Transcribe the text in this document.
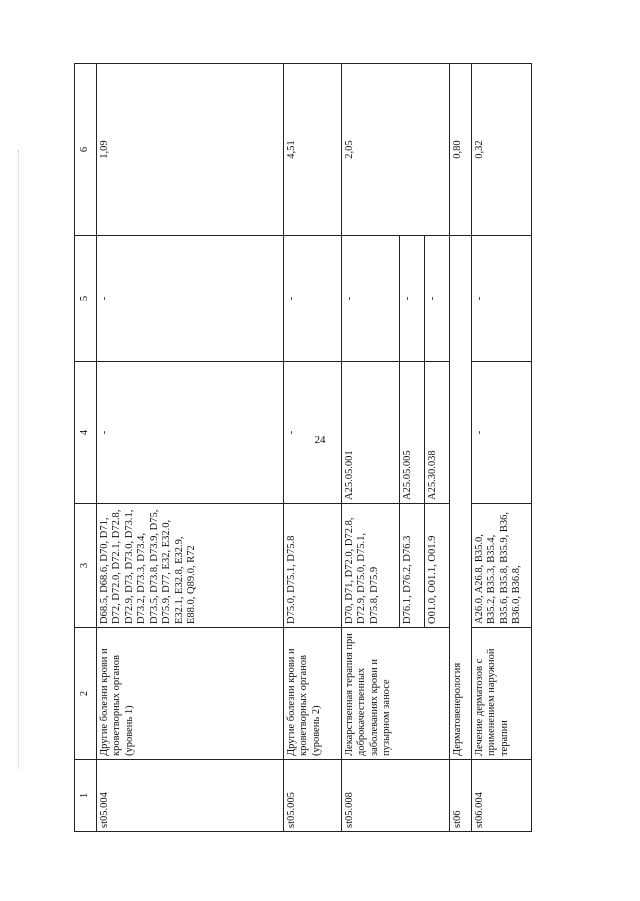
24
1	2	3	4	5	6
st05.004	Другие болезни крови и кроветворных органов (уровень 1)	D68.5, D68.6, D70, D71, D72, D72.0, D72.1, D72.8, D72.9, D73, D73.0, D73.1, D73.2, D73.3, D73.4, D73.5, D73.8, D73.9, D75, D75.9, D77, E32, E32.0, E32.1, E32.8, E32.9, E88.0, Q89.0, R72	-	-	1,09
st05.005	Другие болезни крови и кроветворных органов (уровень 2)	D75.0, D75.1, D75.8	-	-	4,51
st05.008	Лекарственная терапия при доброкачественных заболеваниях крови и пузырном заносе	D70, D71, D72.0, D72.8, D72.9, D75.0, D75.1, D75.8, D75.9	A25.05.001	-	2,05
		D76.1, D76.2, D76.3	A25.05.005	-	
		O01.0, O01.1, O01.9	A25.30.038	-	
st06	Дерматовенерология				0,80
st06.004	Лечение дерматозов с применением наружной терапии	A26.0, A26.8, B35.0, B35.2, B35.3, B35.4, B35.6, B35.8, B35.9, B36, B36.0, B36.8,	-	-	0,32
